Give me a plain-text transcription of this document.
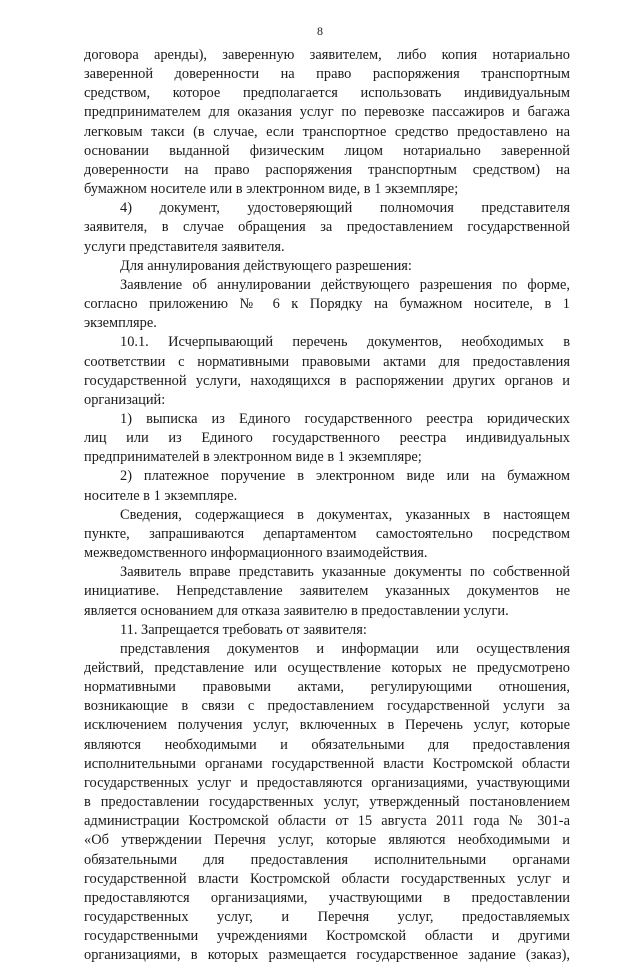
8
договора аренды), заверенную заявителем, либо копия нотариально
заверенной доверенности на право распоряжения транспортным
средством, которое предполагается использовать индивидуальным
предпринимателем для оказания услуг по перевозке пассажиров и багажа
легковым такси (в случае, если транспортное средство предоставлено на
основании выданной физическим лицом нотариально заверенной
доверенности на право распоряжения транспортным средством) на
бумажном носителе или в электронном виде, в 1 экземпляре;
4) документ, удостоверяющий полномочия представителя
заявителя, в случае обращения за предоставлением государственной
услуги представителя заявителя.
Для аннулирования действующего разрешения:
Заявление об аннулировании действующего разрешения по форме,
согласно приложению № 6 к Порядку на бумажном носителе, в 1
экземпляре.
10.1. Исчерпывающий перечень документов, необходимых в
соответствии с нормативными правовыми актами для предоставления
государственной услуги, находящихся в распоряжении других органов и
организаций:
1) выписка из Единого государственного реестра юридических
лиц или из Единого государственного реестра индивидуальных
предпринимателей в электронном виде в 1 экземпляре;
2) платежное поручение в электронном виде или на бумажном
носителе в 1 экземпляре.
Сведения, содержащиеся в документах, указанных в настоящем
пункте, запрашиваются департаментом самостоятельно посредством
межведомственного информационного взаимодействия.
Заявитель вправе представить указанные документы по собственной
инициативе. Непредставление заявителем указанных документов не
является основанием для отказа заявителю в предоставлении услуги.
11. Запрещается требовать от заявителя:
представления документов и информации или осуществления
действий, представление или осуществление которых не предусмотрено
нормативными правовыми актами, регулирующими отношения,
возникающие в связи с предоставлением государственной услуги за
исключением получения услуг, включенных в Перечень услуг, которые
являются необходимыми и обязательными для предоставления
исполнительными органами государственной власти Костромской области
государственных услуг и предоставляются организациями, участвующими
в предоставлении государственных услуг, утвержденный постановлением
администрации Костромской области от 15 августа 2011 года № 301-а
«Об утверждении Перечня услуг, которые являются необходимыми и
обязательными для предоставления исполнительными органами
государственной власти Костромской области государственных услуг и
предоставляются организациями, участвующими в предоставлении
государственных услуг, и Перечня услуг, предоставляемых
государственными учреждениями Костромской области и другими
организациями, в которых размещается государственное задание (заказ),
